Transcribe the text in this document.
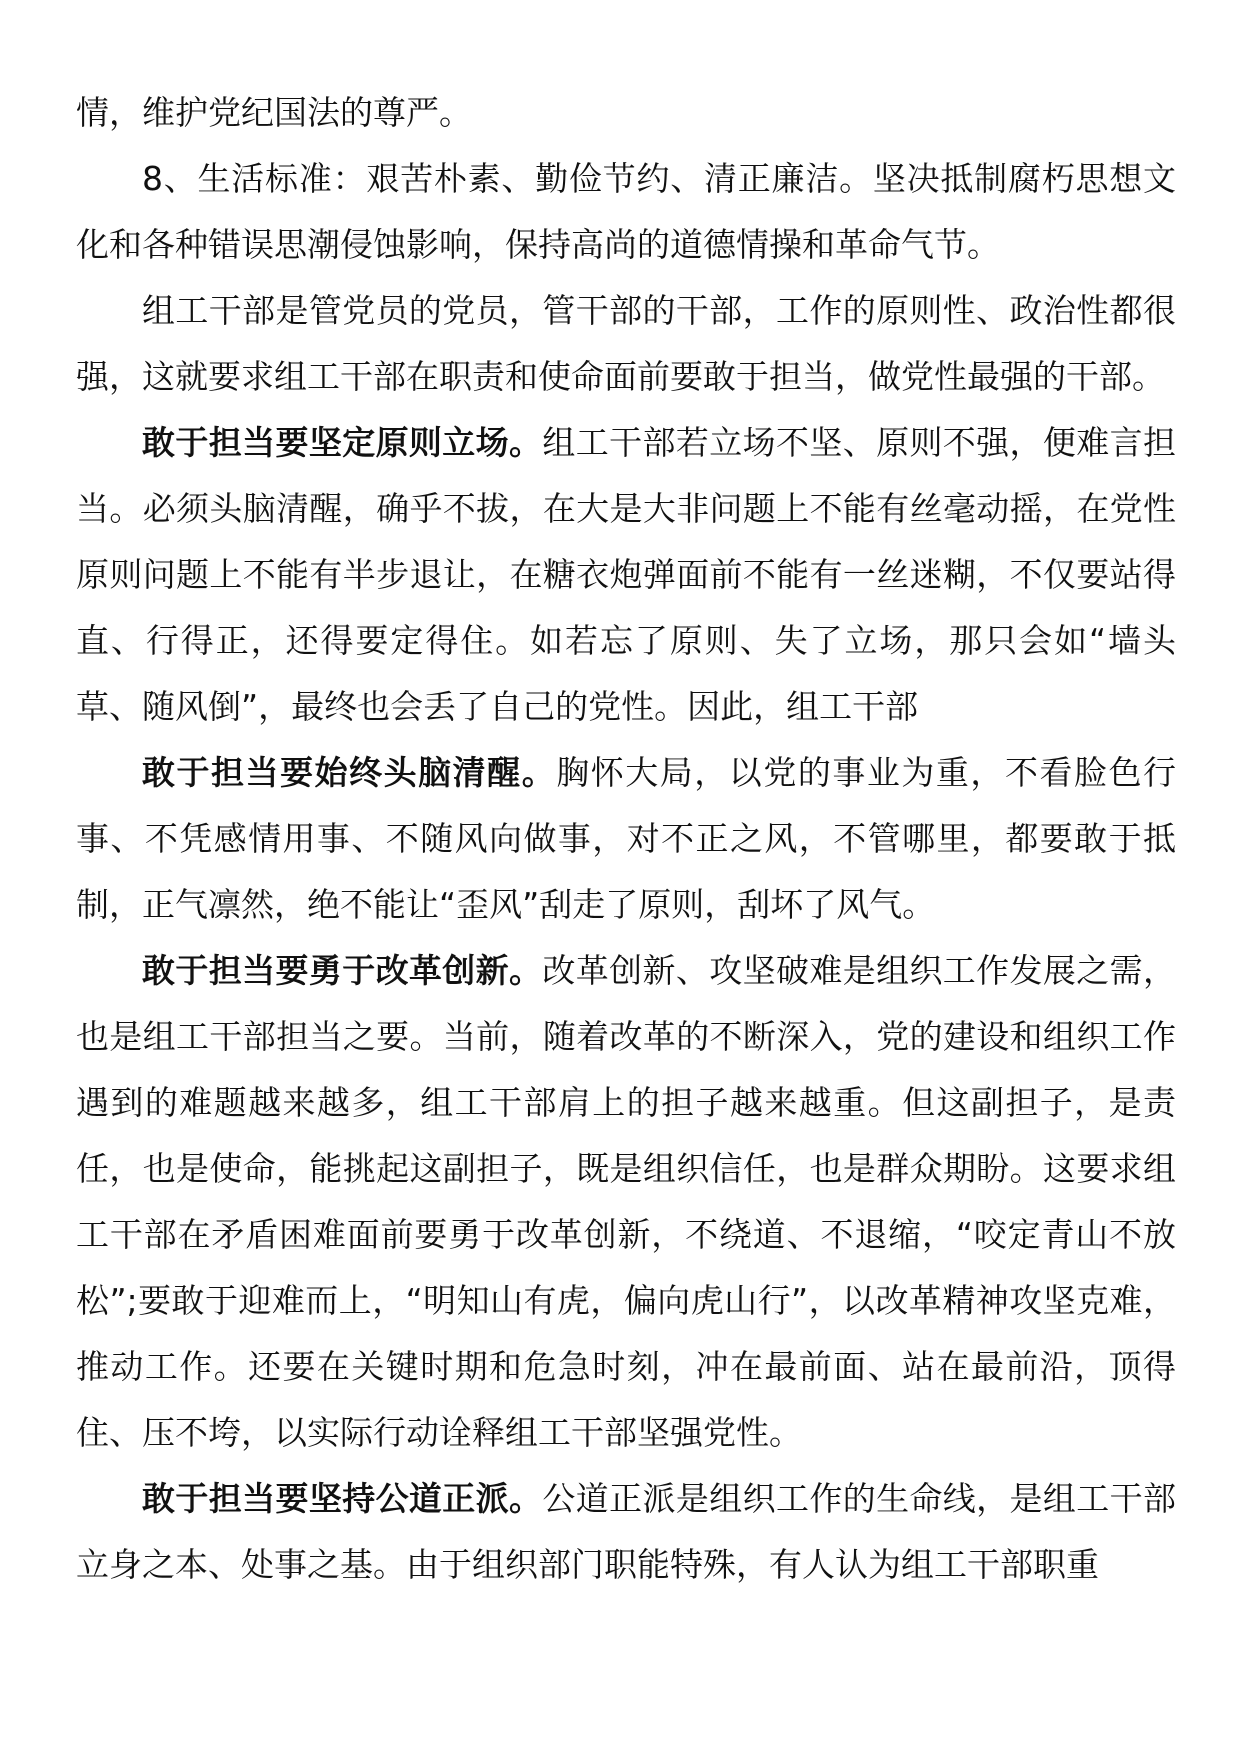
情，维护党纪国法的尊严。

8、生活标准：艰苦朴素、勤俭节约、清正廉洁。坚决抵制腐朽思想文化和各种错误思潮侵蚀影响，保持高尚的道德情操和革命气节。

组工干部是管党员的党员，管干部的干部，工作的原则性、政治性都很强，这就要求组工干部在职责和使命面前要敢于担当，做党性最强的干部。

敢于担当要坚定原则立场。组工干部若立场不坚、原则不强，便难言担当。必须头脑清醒，确乎不拔，在大是大非问题上不能有丝毫动摇，在党性原则问题上不能有半步退让，在糖衣炮弹面前不能有一丝迷糊，不仅要站得直、行得正，还得要定得住。如若忘了原则、失了立场，那只会如“墙头草、随风倒”，最终也会丢了自己的党性。因此，组工干部

敢于担当要始终头脑清醒。胸怀大局，以党的事业为重，不看脸色行事、不凭感情用事、不随风向做事，对不正之风，不管哪里，都要敢于抵制，正气凛然，绝不能让“歪风”刮走了原则，刮坏了风气。

敢于担当要勇于改革创新。改革创新、攻坚破难是组织工作发展之需，也是组工干部担当之要。当前，随着改革的不断深入，党的建设和组织工作遇到的难题越来越多，组工干部肩上的担子越来越重。但这副担子，是责任，也是使命，能挑起这副担子，既是组织信任，也是群众期盼。这要求组工干部在矛盾困难面前要勇于改革创新，不绕道、不退缩，“咬定青山不放松”;要敢于迎难而上，“明知山有虎，偏向虎山行”，以改革精神攻坚克难，推动工作。还要在关键时期和危急时刻，冲在最前面、站在最前沿，顶得住、压不垮，以实际行动诠释组工干部坚强党性。

敢于担当要坚持公道正派。公道正派是组织工作的生命线，是组工干部立身之本、处事之基。由于组织部门职能特殊，有人认为组工干部职重
